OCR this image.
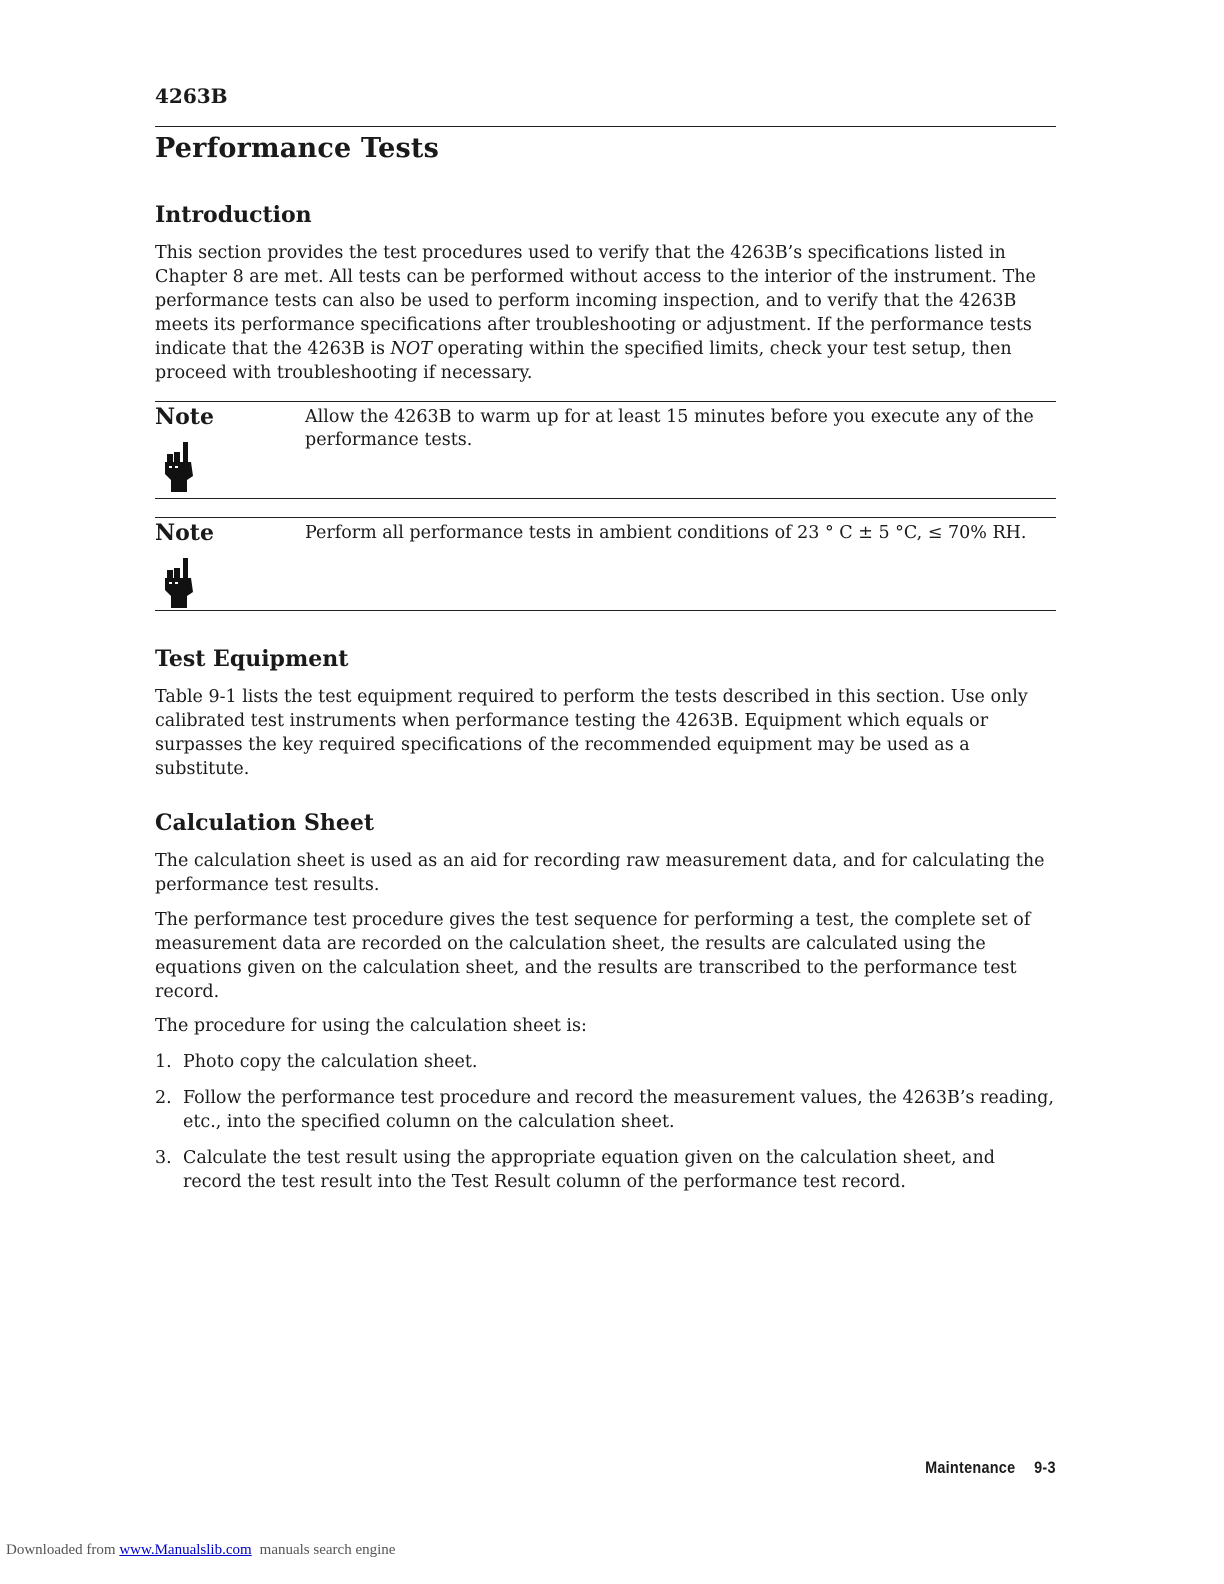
4263B
Performance Tests
Introduction

This section provides the test procedures used to verify that the 4263B’s specifications listed in Chapter 8 are met. All tests can be performed without access to the interior of the instrument. The performance tests can also be used to perform incoming inspection, and to verify that the 4263B meets its performance specifications after troubleshooting or adjustment. If the performance tests indicate that the 4263B is NOT operating within the specified limits, check your test setup, then proceed with troubleshooting if necessary.

Note	Allow the 4263B to warm up for at least 15 minutes before you execute any of the performance tests.

Note	Perform all performance tests in ambient conditions of 23 ° C ± 5 °C, ≤ 70% RH.

Test Equipment

Table 9-1 lists the test equipment required to perform the tests described in this section. Use only calibrated test instruments when performance testing the 4263B. Equipment which equals or surpasses the key required specifications of the recommended equipment may be used as a substitute.

Calculation Sheet

The calculation sheet is used as an aid for recording raw measurement data, and for calculating the performance test results.

The performance test procedure gives the test sequence for performing a test, the complete set of measurement data are recorded on the calculation sheet, the results are calculated using the equations given on the calculation sheet, and the results are transcribed to the performance test record.

The procedure for using the calculation sheet is:

1. Photo copy the calculation sheet.
2. Follow the performance test procedure and record the measurement values, the 4263B’s reading, etc., into the specified column on the calculation sheet.
3. Calculate the test result using the appropriate equation given on the calculation sheet, and record the test result into the Test Result column of the performance test record.
Maintenance 9-3
Downloaded from www.Manualslib.com manuals search engine
